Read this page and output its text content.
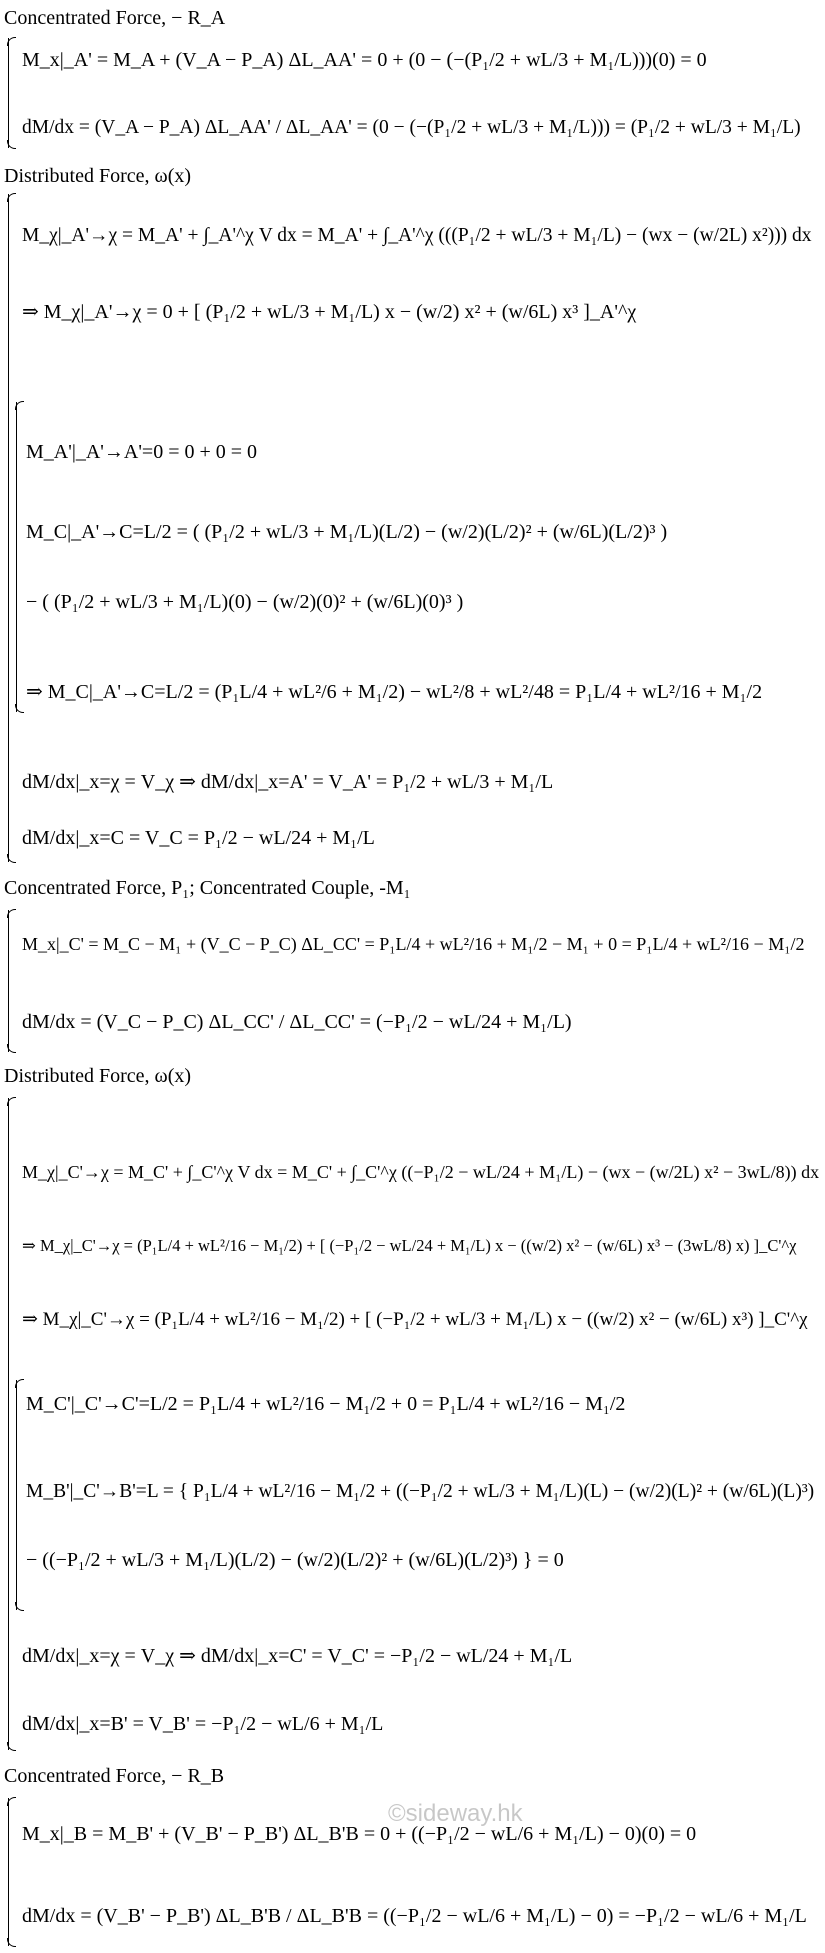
Concentrated Force, − R_A
M_x|_A' = M_A + (V_A − P_A) ΔL_AA' = 0 + (0 − (−(P₁/2 + wL/3 + M₁/L)))(0) = 0
dM/dx = (V_A − P_A) ΔL_AA' / ΔL_AA' = (0 − (−(P₁/2 + wL/3 + M₁/L))) = (P₁/2 + wL/3 + M₁/L)
Distributed Force, ω(x)
M_χ|_A'→χ = M_A' + ∫_A'^χ V dx = M_A' + ∫_A'^χ (((P₁/2 + wL/3 + M₁/L) − (wx − (w/2L) x²))) dx
⇒ M_χ|_A'→χ = 0 + [ (P₁/2 + wL/3 + M₁/L) x − (w/2) x² + (w/6L) x³ ]_A'^χ
M_A'|_A'→A'=0 = 0 + 0 = 0
M_C|_A'→C=L/2 = ( (P₁/2 + wL/3 + M₁/L)(L/2) − (w/2)(L/2)² + (w/6L)(L/2)³ )
− ( (P₁/2 + wL/3 + M₁/L)(0) − (w/2)(0)² + (w/6L)(0)³ )
⇒ M_C|_A'→C=L/2 = (P₁L/4 + wL²/6 + M₁/2) − wL²/8 + wL²/48 = P₁L/4 + wL²/16 + M₁/2
dM/dx|_x=χ = V_χ ⇒ dM/dx|_x=A' = V_A' = P₁/2 + wL/3 + M₁/L
dM/dx|_x=C = V_C = P₁/2 − wL/24 + M₁/L
Concentrated Force, P₁; Concentrated Couple, -M₁
M_x|_C' = M_C − M₁ + (V_C − P_C) ΔL_CC' = P₁L/4 + wL²/16 + M₁/2 − M₁ + 0 = P₁L/4 + wL²/16 − M₁/2
dM/dx = (V_C − P_C) ΔL_CC' / ΔL_CC' = (−P₁/2 − wL/24 + M₁/L)
Distributed Force, ω(x)
M_χ|_C'→χ = M_C' + ∫_C'^χ V dx = M_C' + ∫_C'^χ ((−P₁/2 − wL/24 + M₁/L) − (wx − (w/2L) x² − 3wL/8)) dx
⇒ M_χ|_C'→χ = (P₁L/4 + wL²/16 − M₁/2) + [ (−P₁/2 − wL/24 + M₁/L) x − ((w/2) x² − (w/6L) x³ − (3wL/8) x) ]_C'^χ
⇒ M_χ|_C'→χ = (P₁L/4 + wL²/16 − M₁/2) + [ (−P₁/2 + wL/3 + M₁/L) x − ((w/2) x² − (w/6L) x³) ]_C'^χ
M_C'|_C'→C'=L/2 = P₁L/4 + wL²/16 − M₁/2 + 0 = P₁L/4 + wL²/16 − M₁/2
M_B'|_C'→B'=L = { P₁L/4 + wL²/16 − M₁/2 + ((−P₁/2 + wL/3 + M₁/L)(L) − (w/2)(L)² + (w/6L)(L)³)
− ((−P₁/2 + wL/3 + M₁/L)(L/2) − (w/2)(L/2)² + (w/6L)(L/2)³) } = 0
dM/dx|_x=χ = V_χ ⇒ dM/dx|_x=C' = V_C' = −P₁/2 − wL/24 + M₁/L
dM/dx|_x=B' = V_B' = −P₁/2 − wL/6 + M₁/L
Concentrated Force, − R_B
M_x|_B = M_B' + (V_B' − P_B') ΔL_B'B = 0 + ((−P₁/2 − wL/6 + M₁/L) − 0)(0) = 0
dM/dx = (V_B' − P_B') ΔL_B'B / ΔL_B'B = ((−P₁/2 − wL/6 + M₁/L) − 0) = −P₁/2 − wL/6 + M₁/L
©sideway.hk
